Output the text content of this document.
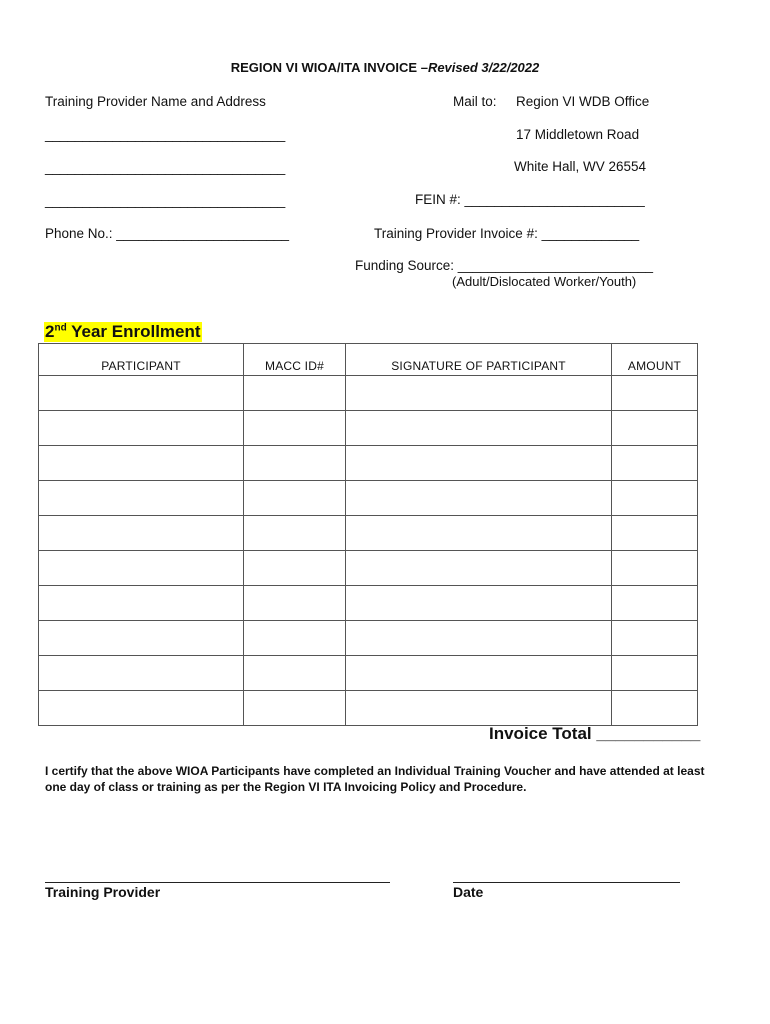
REGION VI WIOA/ITA INVOICE –Revised 3/22/2022
Training Provider Name and Address
________________________________
________________________________
________________________________
Phone No.: _______________________
Mail to: Region VI WDB Office
17 Middletown Road
White Hall, WV 26554
FEIN #: ________________________
Training Provider Invoice #: _____________
Funding Source: __________________________
(Adult/Dislocated Worker/Youth)
2nd Year Enrollment
PARTICIPANT	MACC ID#	SIGNATURE OF PARTICIPANT	AMOUNT

Invoice Total ___________
I certify that the above WIOA Participants have completed an Individual Training Voucher and have attended at least one day of class or training as per the Region VI ITA Invoicing Policy and Procedure.
Training Provider	Date
